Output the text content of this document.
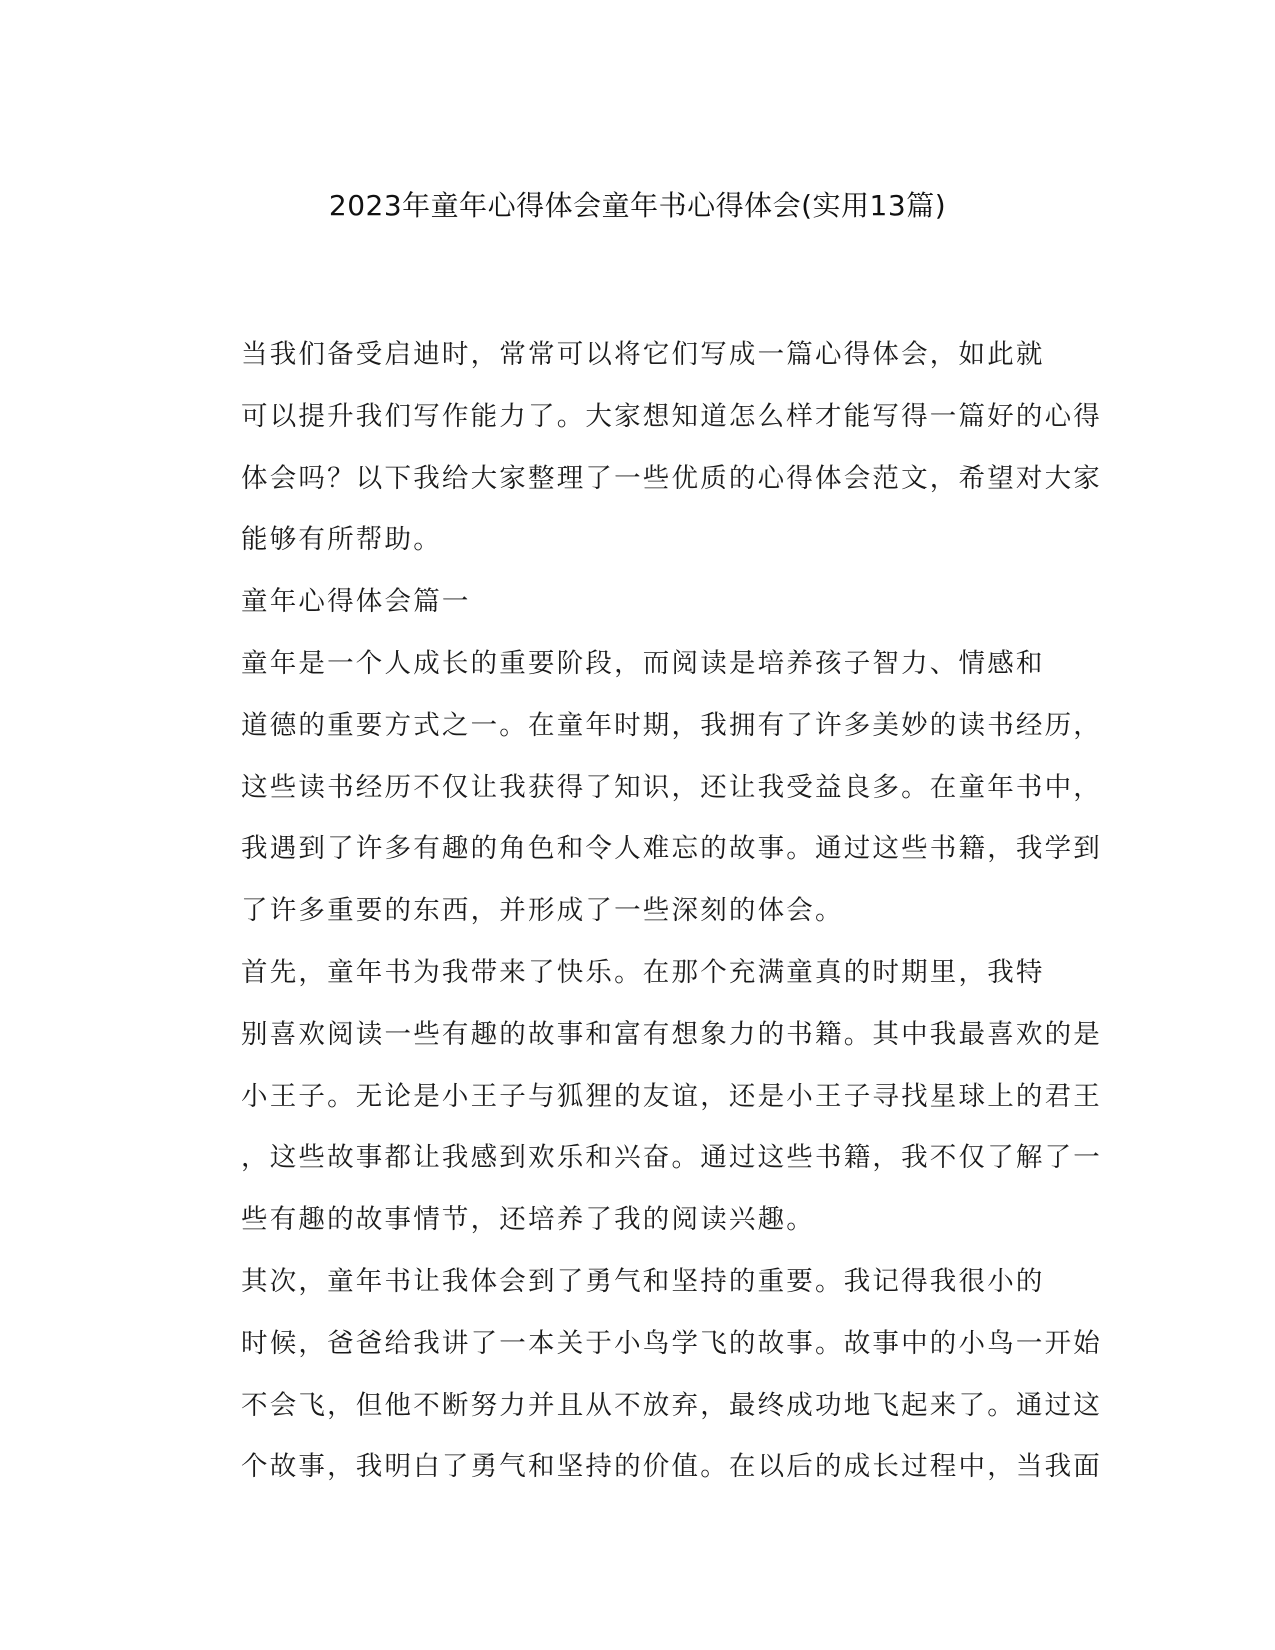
2023年童年心得体会童年书心得体会(实用13篇)

当我们备受启迪时，常常可以将它们写成一篇心得体会，如此就
可以提升我们写作能力了。大家想知道怎么样才能写得一篇好的心得
体会吗？以下我给大家整理了一些优质的心得体会范文，希望对大家
能够有所帮助。

童年心得体会篇一

童年是一个人成长的重要阶段，而阅读是培养孩子智力、情感和
道德的重要方式之一。在童年时期，我拥有了许多美妙的读书经历，
这些读书经历不仅让我获得了知识，还让我受益良多。在童年书中，
我遇到了许多有趣的角色和令人难忘的故事。通过这些书籍，我学到
了许多重要的东西，并形成了一些深刻的体会。

首先，童年书为我带来了快乐。在那个充满童真的时期里，我特
别喜欢阅读一些有趣的故事和富有想象力的书籍。其中我最喜欢的是
小王子。无论是小王子与狐狸的友谊，还是小王子寻找星球上的君王
，这些故事都让我感到欢乐和兴奋。通过这些书籍，我不仅了解了一
些有趣的故事情节，还培养了我的阅读兴趣。

其次，童年书让我体会到了勇气和坚持的重要。我记得我很小的
时候，爸爸给我讲了一本关于小鸟学飞的故事。故事中的小鸟一开始
不会飞，但他不断努力并且从不放弃，最终成功地飞起来了。通过这
个故事，我明白了勇气和坚持的价值。在以后的成长过程中，当我面
